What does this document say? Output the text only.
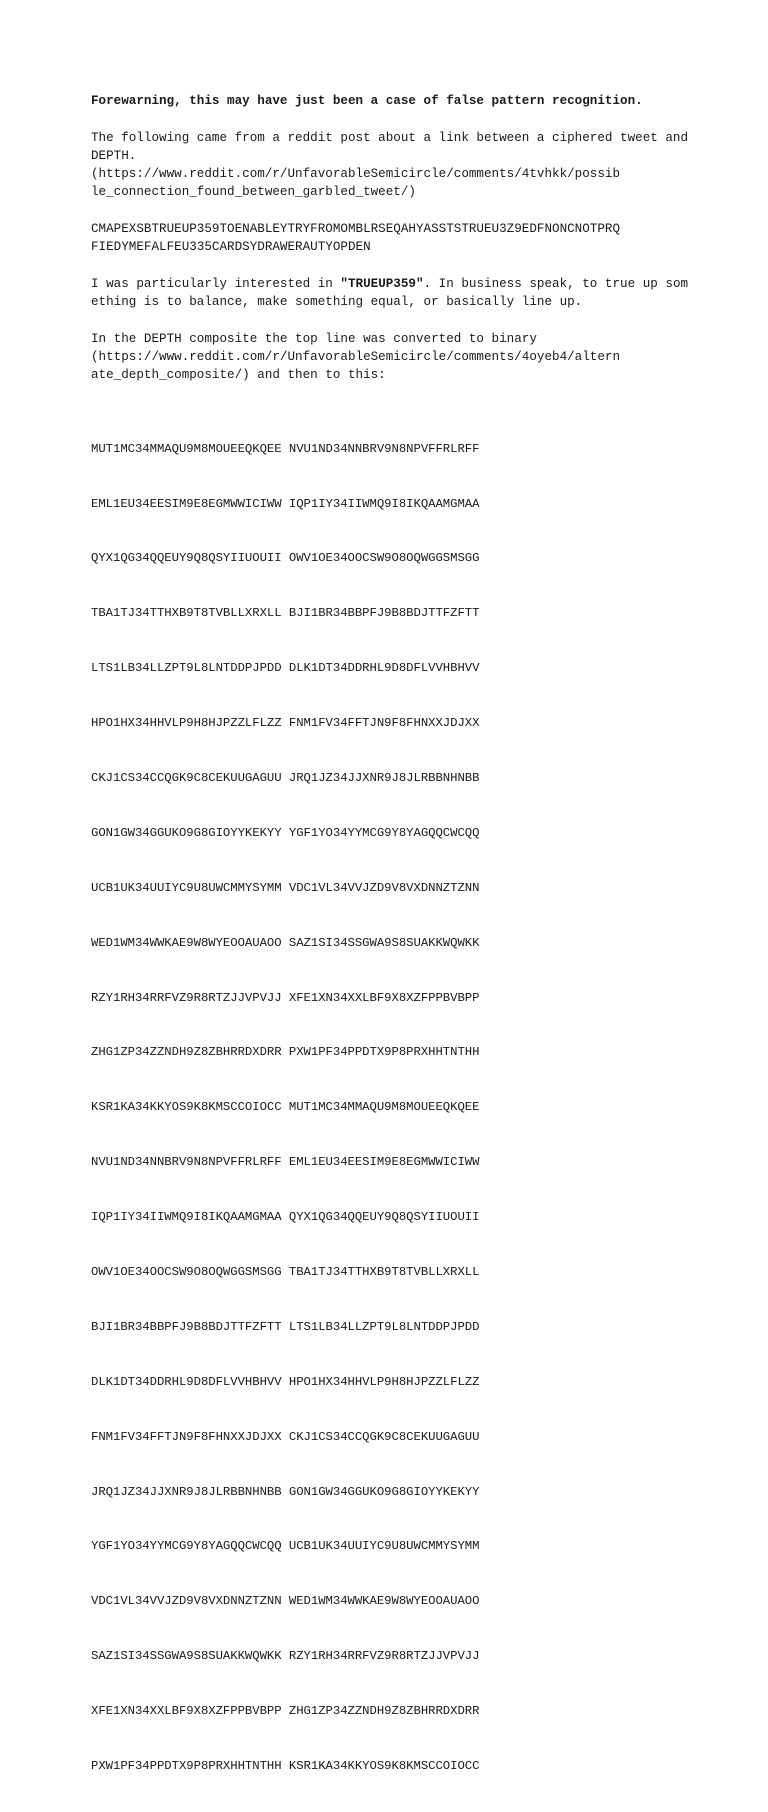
Forewarning, this may have just been a case of false pattern recognition.

The following came from a reddit post about a link between a ciphered tweet and DEPTH.
(https://www.reddit.com/r/UnfavorableSemicircle/comments/4tvhkk/possib
le_connection_found_between_garbled_tweet/)

CMAPEXSBTRUEUP359TOENABLEYTRYFROMOMBLRSEQAHYASSTSTRUEU3Z9EDFNONCNOTPRQ
FIEDYMEFALFEU335CARDSYDRAWERAUTYOPDEN

I was particularly interested in "TRUEUP359". In business speak, to true up something is to balance, make something equal, or basically line up.

In the DEPTH composite the top line was converted to binary
(https://www.reddit.com/r/UnfavorableSemicircle/comments/4oyeb4/altern
ate_depth_composite/) and then to this:

MUT1MC34MMAQU9M8MOUEEQKQEE NVU1ND34NNBRV9N8NPVFFRLRFF

EML1EU34EESIM9E8EGMWWICIWW IQP1IY34IIWMQ9I8IKQAAMGMAA

QYX1QG34QQEUY9Q8QSYIIUOUII OWV1OE34OOCSW9O8OQWGGSMSGG

TBA1TJ34TTHXB9T8TVBLLXRXLL BJI1BR34BBPFJ9B8BDJTTFZFTT

LTS1LB34LLZPT9L8LNTDDPJPDD DLK1DT34DDRHL9D8DFLVVHBHVV

HPO1HX34HHVLP9H8HJPZZLFLZZ FNM1FV34FFTJN9F8FHNXXJDJXX

CKJ1CS34CCQGK9C8CEKUUGAGUU JRQ1JZ34JJXNR9J8JLRBBNHNBB

GON1GW34GGUKO9G8GIOYYKEKYY YGF1YO34YYMCG9Y8YAGQQCWCQQ

UCB1UK34UUIYC9U8UWCMMYSYMM VDC1VL34VVJZD9V8VXDNNZTZNN

WED1WM34WWKAE9W8WYEOOAUAOO SAZ1SI34SSGWA9S8SUAKKWQWKK

RZY1RH34RRFVZ9R8RTZJJVPVJJ XFE1XN34XXLBF9X8XZFPPBVBPP

ZHG1ZP34ZZNDH9Z8ZBHRRDXDRR PXW1PF34PPDTX9P8PRXHHTNTHH

KSR1KA34KKYOS9K8KMSCCOIOCC MUT1MC34MMAQU9M8MOUEEQKQEE

NVU1ND34NNBRV9N8NPVFFRLRFF EML1EU34EESIM9E8EGMWWICIWW

IQP1IY34IIWMQ9I8IKQAAMGMAA QYX1QG34QQEUY9Q8QSYIIUOUII

OWV1OE34OOCSW9O8OQWGGSMSGG TBA1TJ34TTHXB9T8TVBLLXRXLL

BJI1BR34BBPFJ9B8BDJTTFZFTT LTS1LB34LLZPT9L8LNTDDPJPDD

DLK1DT34DDRHL9D8DFLVVHBHVV HPO1HX34HHVLP9H8HJPZZLFLZZ

FNM1FV34FFTJN9F8FHNXXJDJXX CKJ1CS34CCQGK9C8CEKUUGAGUU

JRQ1JZ34JJXNR9J8JLRBBNHNBB GON1GW34GGUKO9G8GIOYYKEKYY

YGF1YO34YYMCG9Y8YAGQQCWCQQ UCB1UK34UUIYC9U8UWCMMYSYMM

VDC1VL34VVJZD9V8VXDNNZTZNN WED1WM34WWKAE9W8WYEOOAUAOO

SAZ1SI34SSGWA9S8SUAKKWQWKK RZY1RH34RRFVZ9R8RTZJJVPVJJ

XFE1XN34XXLBF9X8XZFPPBVBPP ZHG1ZP34ZZNDH9Z8ZBHRRDXDRR

PXW1PF34PPDTX9P8PRXHHTNTHH KSR1KA34KKYOS9K8KMSCCOIOCC
